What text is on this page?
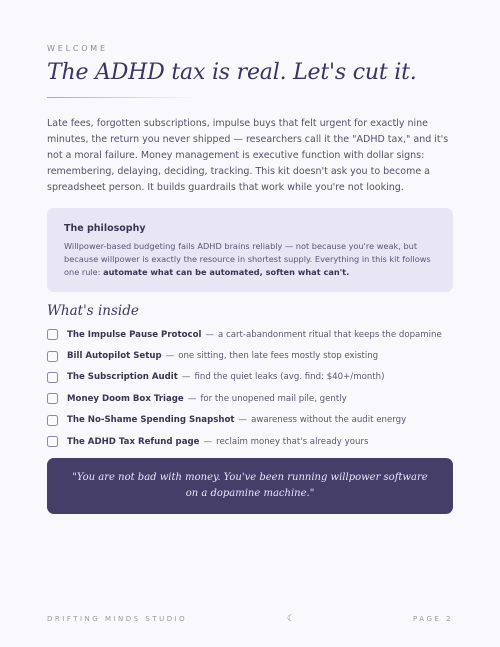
WELCOME
The ADHD tax is real. Let's cut it.

Late fees, forgotten subscriptions, impulse buys that felt urgent for exactly nine minutes, the return you never shipped — researchers call it the "ADHD tax," and it's not a moral failure. Money management is executive function with dollar signs: remembering, delaying, deciding, tracking. This kit doesn't ask you to become a spreadsheet person. It builds guardrails that work while you're not looking.

The philosophy

Willpower-based budgeting fails ADHD brains reliably — not because you're weak, but because willpower is exactly the resource in shortest supply. Everything in this kit follows one rule: automate what can be automated, soften what can't.

What's inside
The Impulse Pause Protocol — a cart-abandonment ritual that keeps the dopamine
Bill Autopilot Setup — one sitting, then late fees mostly stop existing
The Subscription Audit — find the quiet leaks (avg. find: $40+/month)
Money Doom Box Triage — for the unopened mail pile, gently
The No-Shame Spending Snapshot — awareness without the audit energy
The ADHD Tax Refund page — reclaim money that's already yours

"You are not bad with money. You've been running willpower software on a dopamine machine."

DRIFTING MINDS STUDIO	☾	PAGE 2
